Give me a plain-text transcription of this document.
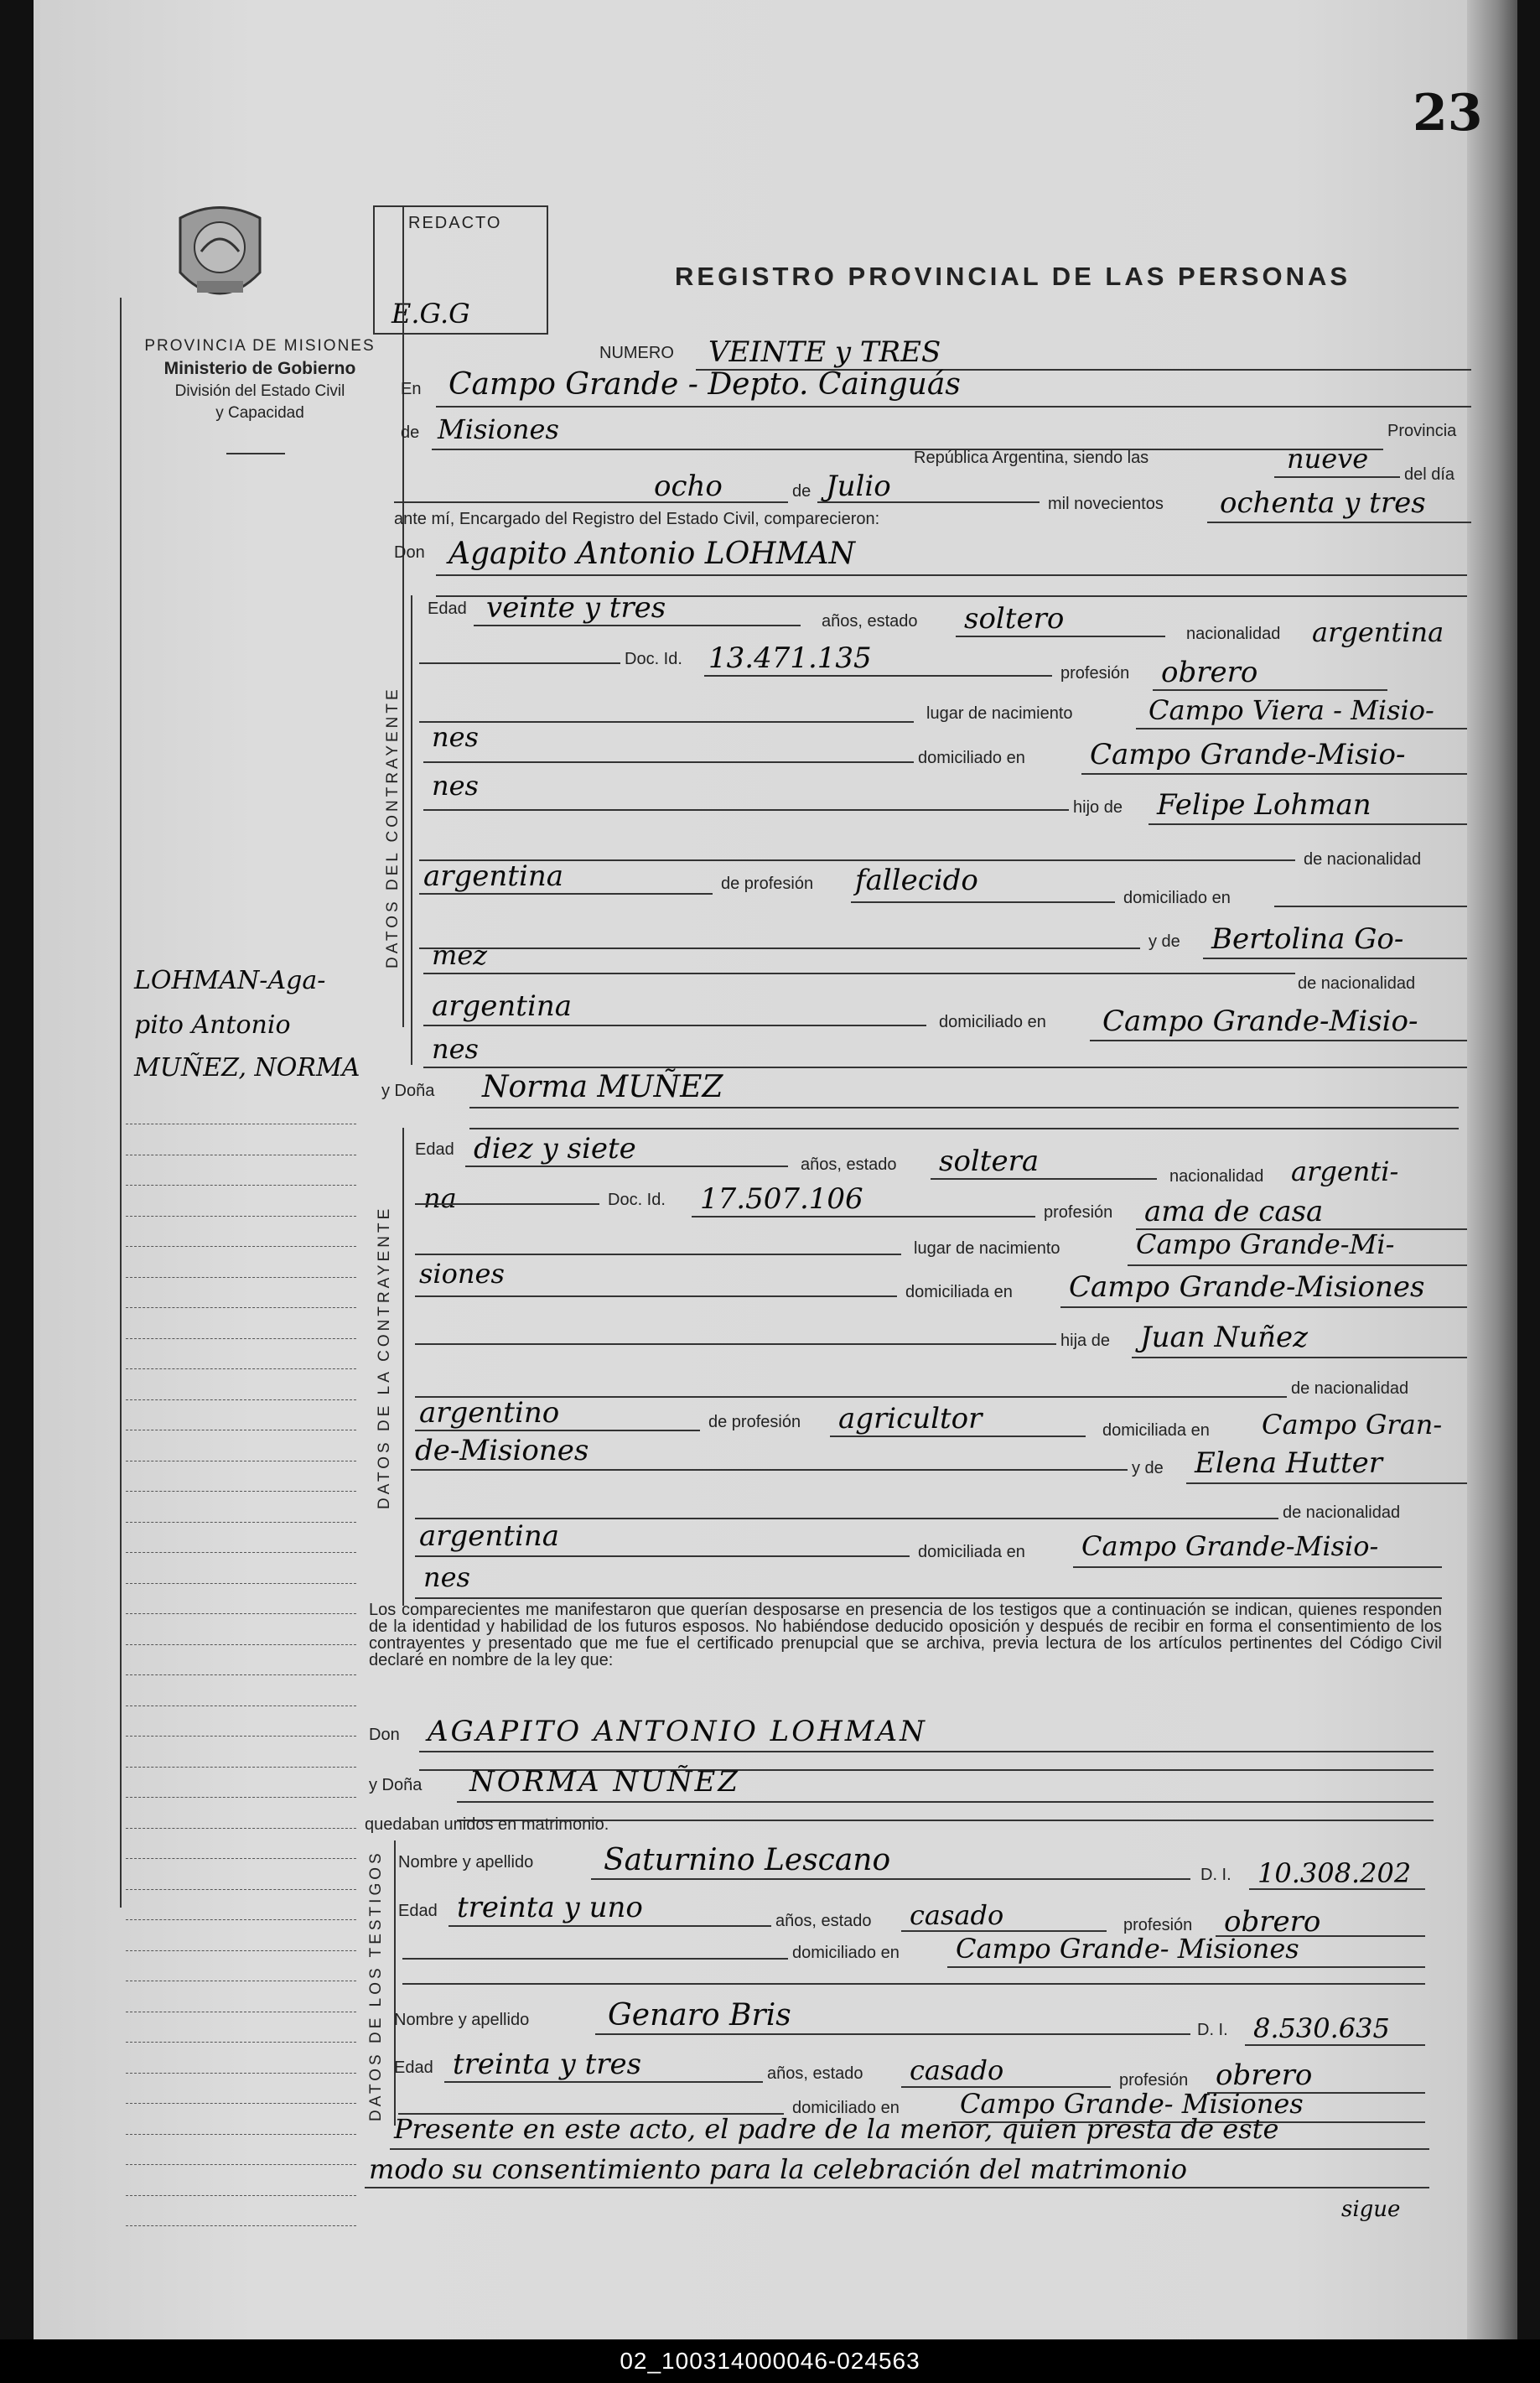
23
PROVINCIA DE MISIONES
Ministerio de Gobierno
División del Estado Civil
y Capacidad
REDACTO
E.G.G
REGISTRO PROVINCIAL DE LAS PERSONAS
LOHMAN-Aga-
pito Antonio
MUÑEZ, NORMA
NUMERO VEINTE y TRES
En Campo Grande - Depto. Cainguás
de Misiones	Provincia
República Argentina, siendo las	nueve del día
ocho	de Julio
mil novecientos ochenta y tres
ante mí, Encargado del Registro del Estado Civil, comparecieron:
Don Agapito Antonio LOHMAN
DATOS DEL CONTRAYENTE
Edad veinte y tres	años, estado soltero	nacionalidad argentina
Doc. Id. 13.471.135	profesión obrero
lugar de nacimiento	Campo Viera - Misio-
nes
domiciliado en Campo Grande-Misio-
nes
hijo de Felipe Lohman
de nacionalidad
argentina	de profesión fallecido
domiciliado en
y de Bertolina Go-
mez
de nacionalidad
argentina	domiciliado en Campo Grande-Misio-
nes
y Doña Norma MUÑEZ
DATOS DE LA CONTRAYENTE
Edad diez y siete	años, estado soltera	nacionalidad argenti-
na	Doc. Id. 17.507.106	profesión ama de casa
lugar de nacimiento	Campo Grande-Mi-
siones
domiciliada en Campo Grande-Misiones
hija de Juan Nuñez
de nacionalidad
argentino	de profesión agricultor	domiciliada en Campo Gran-
de-Misiones
y de Elena Hutter
de nacionalidad
argentina	domiciliada en Campo Grande-Misio-
nes
Los comparecientes me manifestaron que querían desposarse en presencia de los testigos que a continuación se indican, quienes responden de la identidad y habilidad de los futuros esposos. No habiéndose deducido oposición y después de recibir en forma el consentimiento de los contrayentes y presentado que me fue el certificado prenupcial que se archiva, previa lectura de los artículos pertinentes del Código Civil declaré en nombre de la ley que:
Don AGAPITO ANTONIO LOHMAN
y Doña NORMA NUÑEZ
quedaban unidos en matrimonio.
DATOS DE LOS TESTIGOS Nombre y apellido Saturnino Lescano	D. I. 10.308.202
Edad treinta y uno	años, estado casado	profesión obrero
domiciliado en Campo Grande- Misiones
Nombre y apellido	Genaro Bris	D. I. 8.530.635
Edad treinta y tres	años, estado casado	profesión obrero
domiciliado en Campo Grande- Misiones
Presente en este acto, el padre de la menor, quien presta de este
modo su consentimiento para la celebración del matrimonio
sigue
02_100314000046-024563
